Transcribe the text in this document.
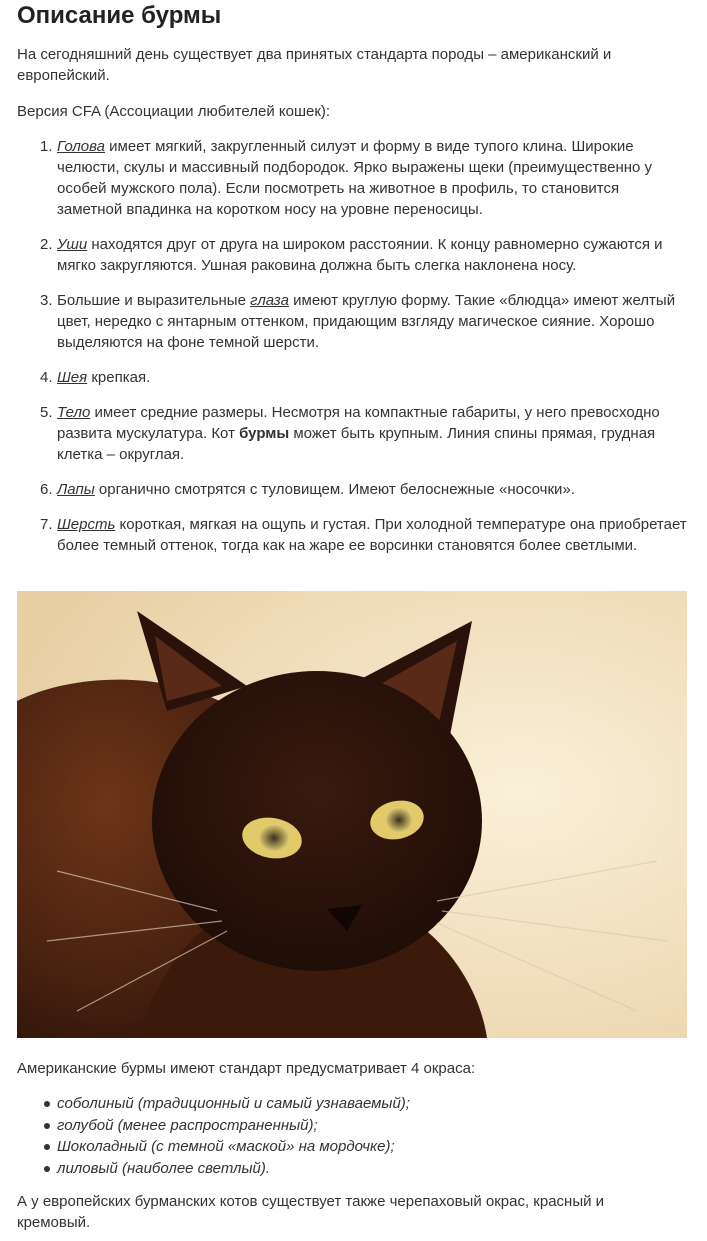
Описание бурмы

На сегодняшний день существует два принятых стандарта породы – американский и европейский.

Версия CFA (Ассоциации любителей кошек):

1. Голова имеет мягкий, закругленный силуэт и форму в виде тупого клина. Широкие челюсти, скулы и массивный подбородок. Ярко выражены щеки (преимущественно у особей мужского пола). Если посмотреть на животное в профиль, то становится заметной впадинка на коротком носу на уровне переносицы.
2. Уши находятся друг от друга на широком расстоянии. К концу равномерно сужаются и мягко закругляются. Ушная раковина должна быть слегка наклонена носу.
3. Большие и выразительные глаза имеют круглую форму. Такие «блюдца» имеют желтый цвет, нередко с янтарным оттенком, придающим взгляду магическое сияние. Хорошо выделяются на фоне темной шерсти.
4. Шея крепкая.
5. Тело имеет средние размеры. Несмотря на компактные габариты, у него превосходно развита мускулатура. Кот бурмы может быть крупным. Линия спины прямая, грудная клетка – округлая.
6. Лапы органично смотрятся с туловищем. Имеют белоснежные «носочки».
7. Шерсть короткая, мягкая на ощупь и густая. При холодной температуре она приобретает более темный оттенок, тогда как на жаре ее ворсинки становятся более светлыми.

Американские бурмы имеют стандарт предусматривает 4 окраса:

соболиный (традиционный и самый узнаваемый);
голубой (менее распространенный);
Шоколадный (с темной «маской» на мордочке);
лиловый (наиболее светлый).

А у европейских бурманских котов существует также черепаховый окрас, красный и кремовый.
